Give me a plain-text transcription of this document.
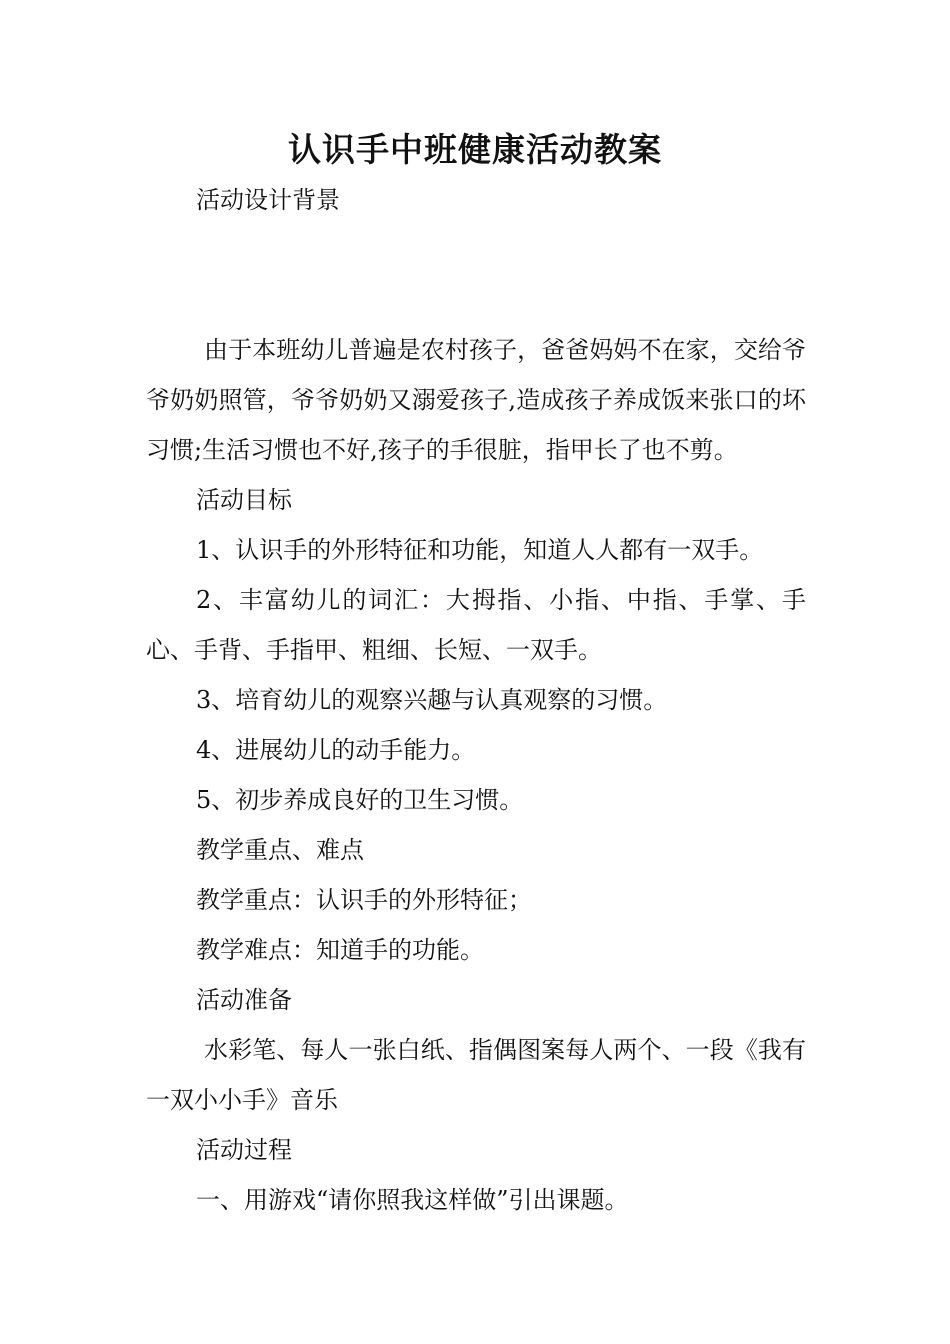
认识手中班健康活动教案

活动设计背景

由于本班幼儿普遍是农村孩子，爸爸妈妈不在家，交给爷爷奶奶照管，爷爷奶奶又溺爱孩子,造成孩子养成饭来张口的坏习惯;生活习惯也不好,孩子的手很脏，指甲长了也不剪。

活动目标

1、认识手的外形特征和功能，知道人人都有一双手。

2、丰富幼儿的词汇：大拇指、小指、中指、手掌、手心、手背、手指甲、粗细、长短、一双手。

3、培育幼儿的观察兴趣与认真观察的习惯。

4、进展幼儿的动手能力。

5、初步养成良好的卫生习惯。

教学重点、难点

教学重点：认识手的外形特征；

教学难点：知道手的功能。

活动准备

水彩笔、每人一张白纸、指偶图案每人两个、一段《我有一双小小手》音乐

活动过程

一、用游戏“请你照我这样做”引出课题。
